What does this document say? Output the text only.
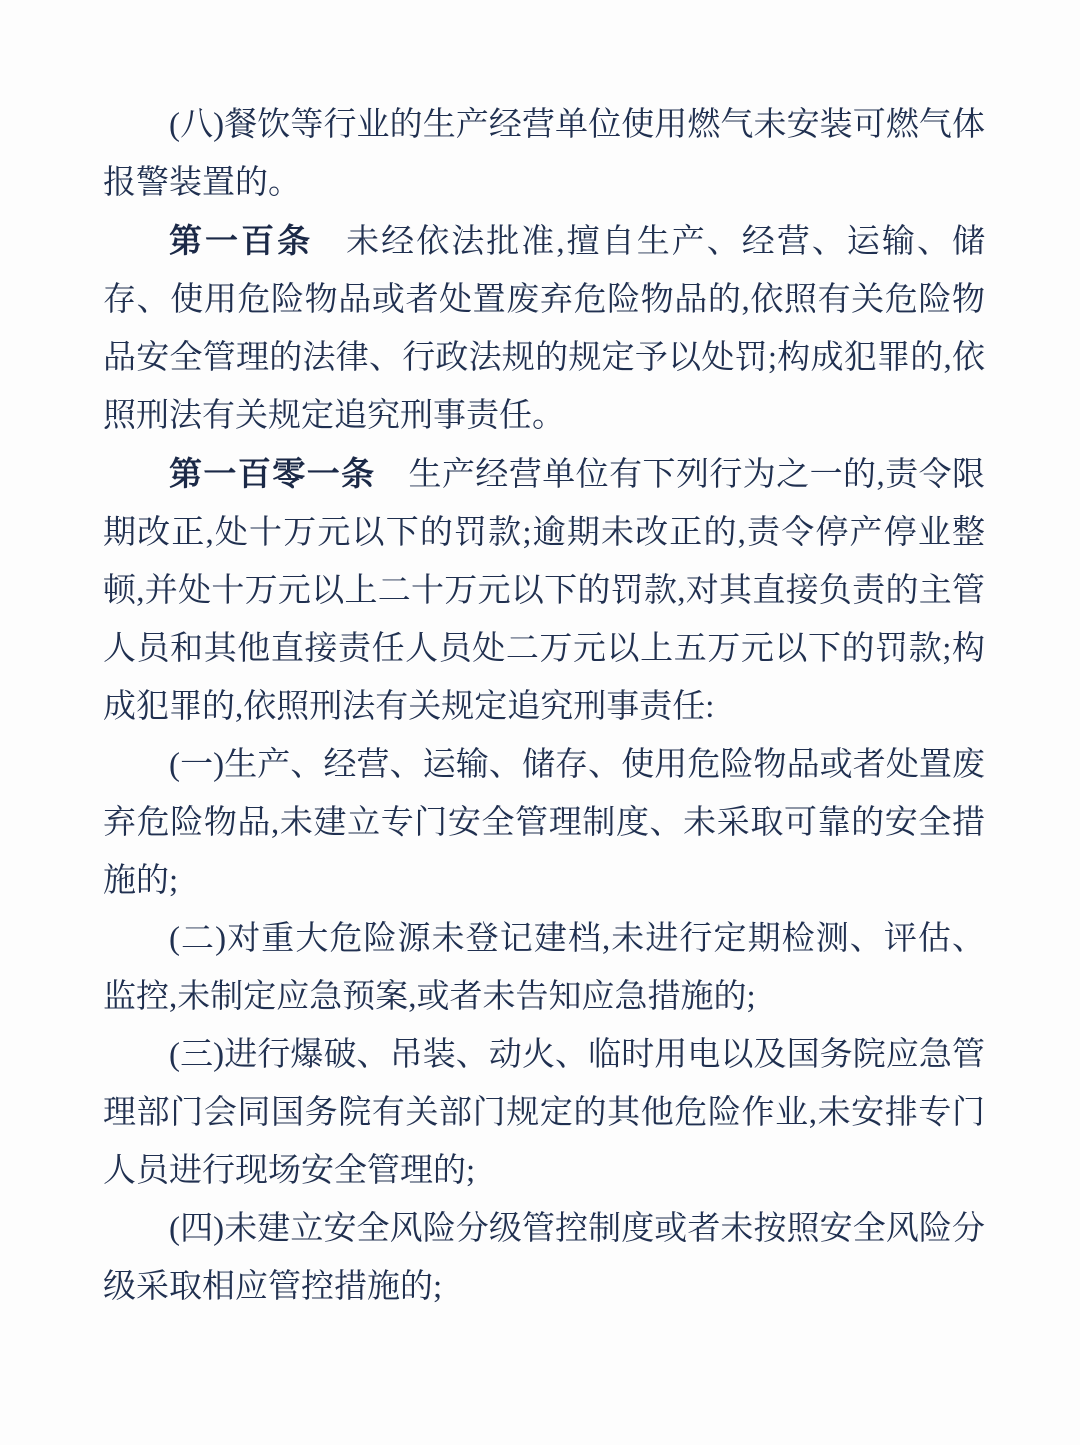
(八)餐饮等行业的生产经营单位使用燃气未安装可燃气体报警装置的。

第一百条 未经依法批准,擅自生产、经营、运输、储存、使用危险物品或者处置废弃危险物品的,依照有关危险物品安全管理的法律、行政法规的规定予以处罚;构成犯罪的,依照刑法有关规定追究刑事责任。

第一百零一条 生产经营单位有下列行为之一的,责令限期改正,处十万元以下的罚款;逾期未改正的,责令停产停业整顿,并处十万元以上二十万元以下的罚款,对其直接负责的主管人员和其他直接责任人员处二万元以上五万元以下的罚款;构成犯罪的,依照刑法有关规定追究刑事责任:

(一)生产、经营、运输、储存、使用危险物品或者处置废弃危险物品,未建立专门安全管理制度、未采取可靠的安全措施的;

(二)对重大危险源未登记建档,未进行定期检测、评估、监控,未制定应急预案,或者未告知应急措施的;

(三)进行爆破、吊装、动火、临时用电以及国务院应急管理部门会同国务院有关部门规定的其他危险作业,未安排专门人员进行现场安全管理的;

(四)未建立安全风险分级管控制度或者未按照安全风险分级采取相应管控措施的;
